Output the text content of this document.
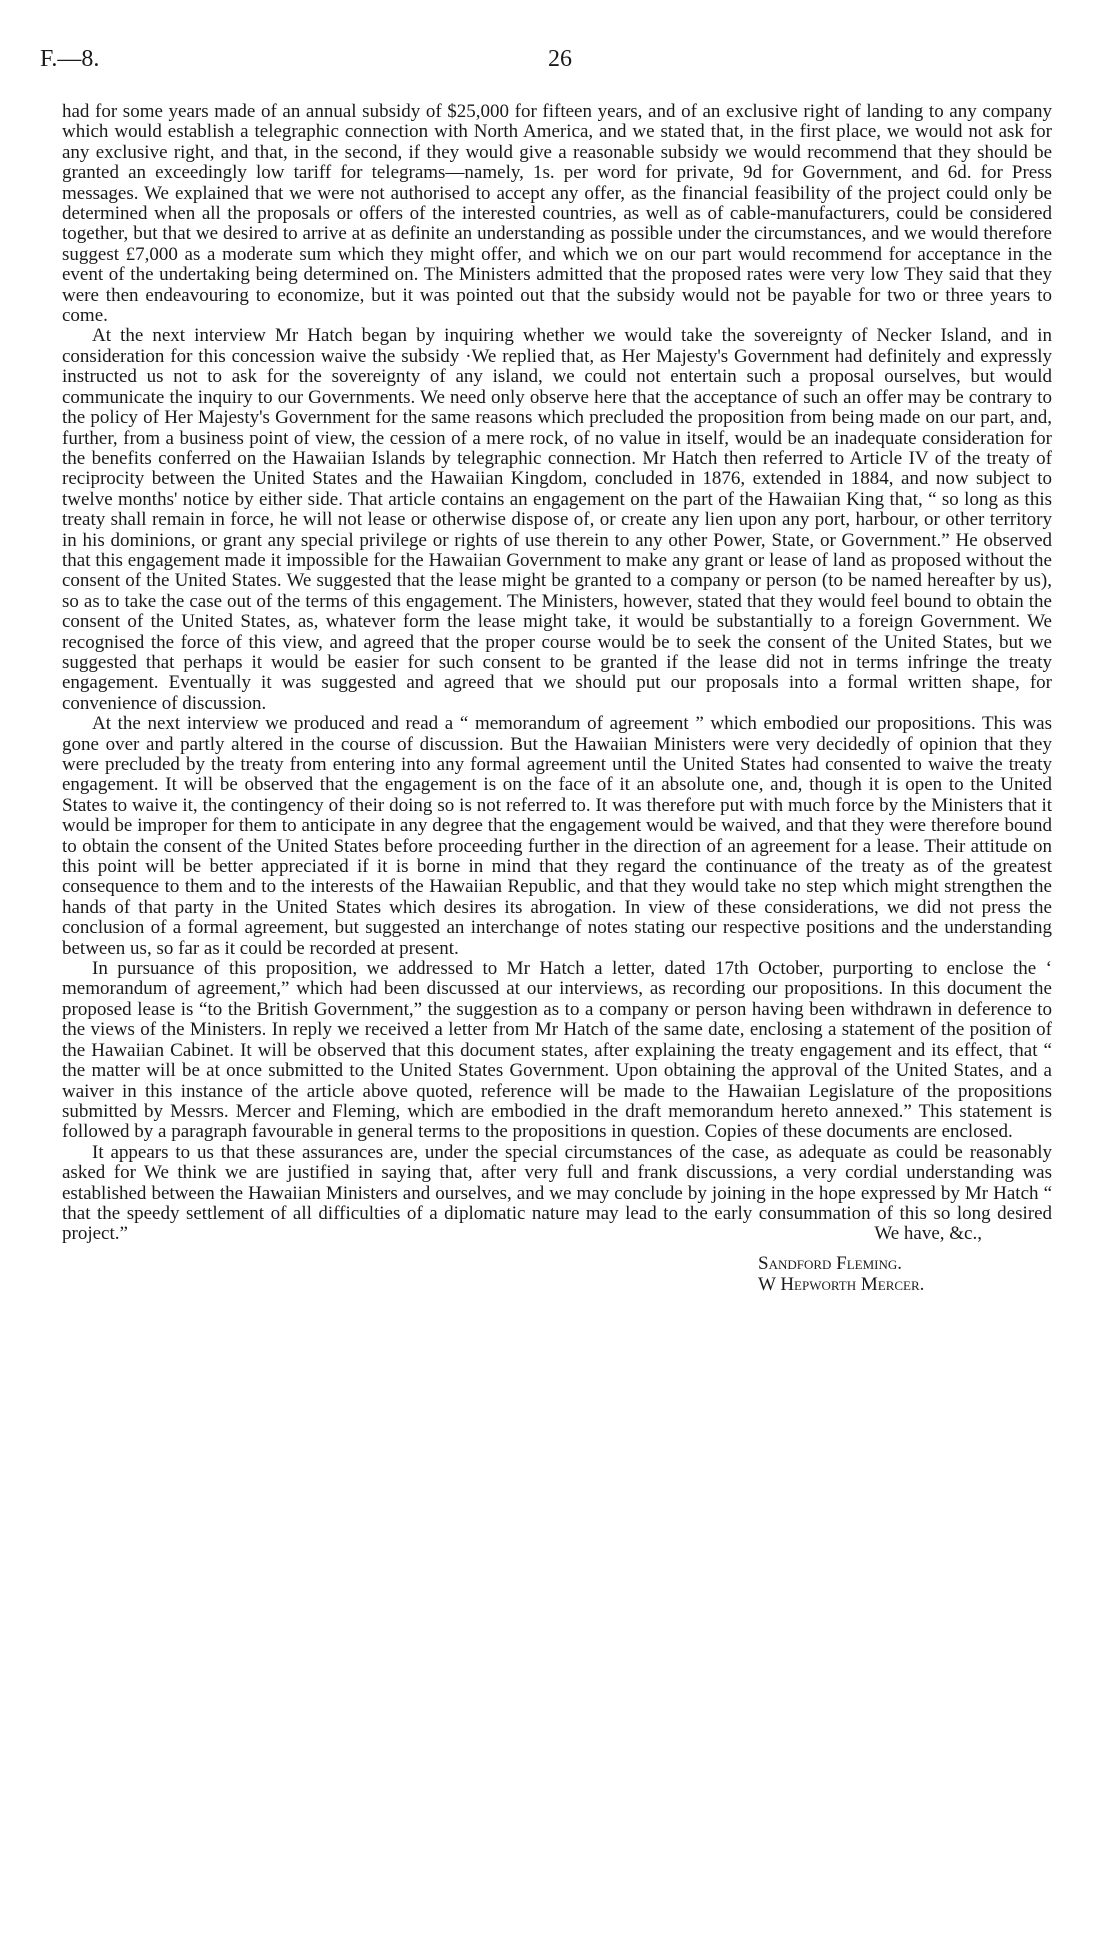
F.—8.	26

had for some years made of an annual subsidy of $25,000 for fifteen years, and of an exclusive right of landing to any company which would establish a telegraphic connection with North America, and we stated that, in the first place, we would not ask for any exclusive right, and that, in the second, if they would give a reasonable subsidy we would recommend that they should be granted an exceedingly low tariff for telegrams—namely, 1s. per word for private, 9d for Government, and 6d. for Press messages. We explained that we were not authorised to accept any offer, as the financial feasibility of the project could only be determined when all the proposals or offers of the interested countries, as well as of cable-manufacturers, could be considered together, but that we desired to arrive at as definite an understanding as possible under the circumstances, and we would therefore suggest £7,000 as a moderate sum which they might offer, and which we on our part would recommend for acceptance in the event of the undertaking being determined on. The Ministers admitted that the proposed rates were very low They said that they were then endeavouring to economize, but it was pointed out that the subsidy would not be payable for two or three years to come.

At the next interview Mr Hatch began by inquiring whether we would take the sovereignty of Necker Island, and in consideration for this concession waive the subsidy ·We replied that, as Her Majesty's Government had definitely and expressly instructed us not to ask for the sovereignty of any island, we could not entertain such a proposal ourselves, but would communicate the inquiry to our Governments. We need only observe here that the acceptance of such an offer may be contrary to the policy of Her Majesty's Government for the same reasons which precluded the proposition from being made on our part, and, further, from a business point of view, the cession of a mere rock, of no value in itself, would be an inadequate consideration for the benefits conferred on the Hawaiian Islands by telegraphic connection. Mr Hatch then referred to Article IV of the treaty of reciprocity between the United States and the Hawaiian Kingdom, concluded in 1876, extended in 1884, and now subject to twelve months' notice by either side. That article contains an engagement on the part of the Hawaiian King that, “ so long as this treaty shall remain in force, he will not lease or otherwise dispose of, or create any lien upon any port, harbour, or other territory in his dominions, or grant any special privilege or rights of use therein to any other Power, State, or Government.” He observed that this engagement made it impossible for the Hawaiian Government to make any grant or lease of land as proposed without the consent of the United States. We suggested that the lease might be granted to a company or person (to be named hereafter by us), so as to take the case out of the terms of this engagement. The Ministers, however, stated that they would feel bound to obtain the consent of the United States, as, whatever form the lease might take, it would be substantially to a foreign Government. We recognised the force of this view, and agreed that the proper course would be to seek the consent of the United States, but we suggested that perhaps it would be easier for such consent to be granted if the lease did not in terms infringe the treaty engagement. Eventually it was suggested and agreed that we should put our proposals into a formal written shape, for convenience of discussion.

At the next interview we produced and read a “ memorandum of agreement ” which embodied our propositions. This was gone over and partly altered in the course of discussion. But the Hawaiian Ministers were very decidedly of opinion that they were precluded by the treaty from entering into any formal agreement until the United States had consented to waive the treaty engagement. It will be observed that the engagement is on the face of it an absolute one, and, though it is open to the United States to waive it, the contingency of their doing so is not referred to. It was therefore put with much force by the Ministers that it would be improper for them to anticipate in any degree that the engagement would be waived, and that they were therefore bound to obtain the consent of the United States before proceeding further in the direction of an agreement for a lease. Their attitude on this point will be better appreciated if it is borne in mind that they regard the continuance of the treaty as of the greatest consequence to them and to the interests of the Hawaiian Republic, and that they would take no step which might strengthen the hands of that party in the United States which desires its abrogation. In view of these considerations, we did not press the conclusion of a formal agreement, but suggested an interchange of notes stating our respective positions and the understanding between us, so far as it could be recorded at present.

In pursuance of this proposition, we addressed to Mr Hatch a letter, dated 17th October, purporting to enclose the ‘ memorandum of agreement,” which had been discussed at our interviews, as recording our propositions. In this document the proposed lease is “to the British Government,” the suggestion as to a company or person having been withdrawn in deference to the views of the Ministers. In reply we received a letter from Mr Hatch of the same date, enclosing a statement of the position of the Hawaiian Cabinet. It will be observed that this document states, after explaining the treaty engagement and its effect, that “ the matter will be at once submitted to the United States Government. Upon obtaining the approval of the United States, and a waiver in this instance of the article above quoted, reference will be made to the Hawaiian Legislature of the propositions submitted by Messrs. Mercer and Fleming, which are embodied in the draft memorandum hereto annexed.” This statement is followed by a paragraph favourable in general terms to the propositions in question. Copies of these documents are enclosed.

It appears to us that these assurances are, under the special circumstances of the case, as adequate as could be reasonably asked for We think we are justified in saying that, after very full and frank discussions, a very cordial understanding was established between the Hawaiian Ministers and ourselves, and we may conclude by joining in the hope expressed by Mr Hatch “ that the speedy settlement of all difficulties of a diplomatic nature may lead to the early consummation of this so long desired project.”	We have, &c.,

Sandford Fleming.
W Hepworth Mercer.
